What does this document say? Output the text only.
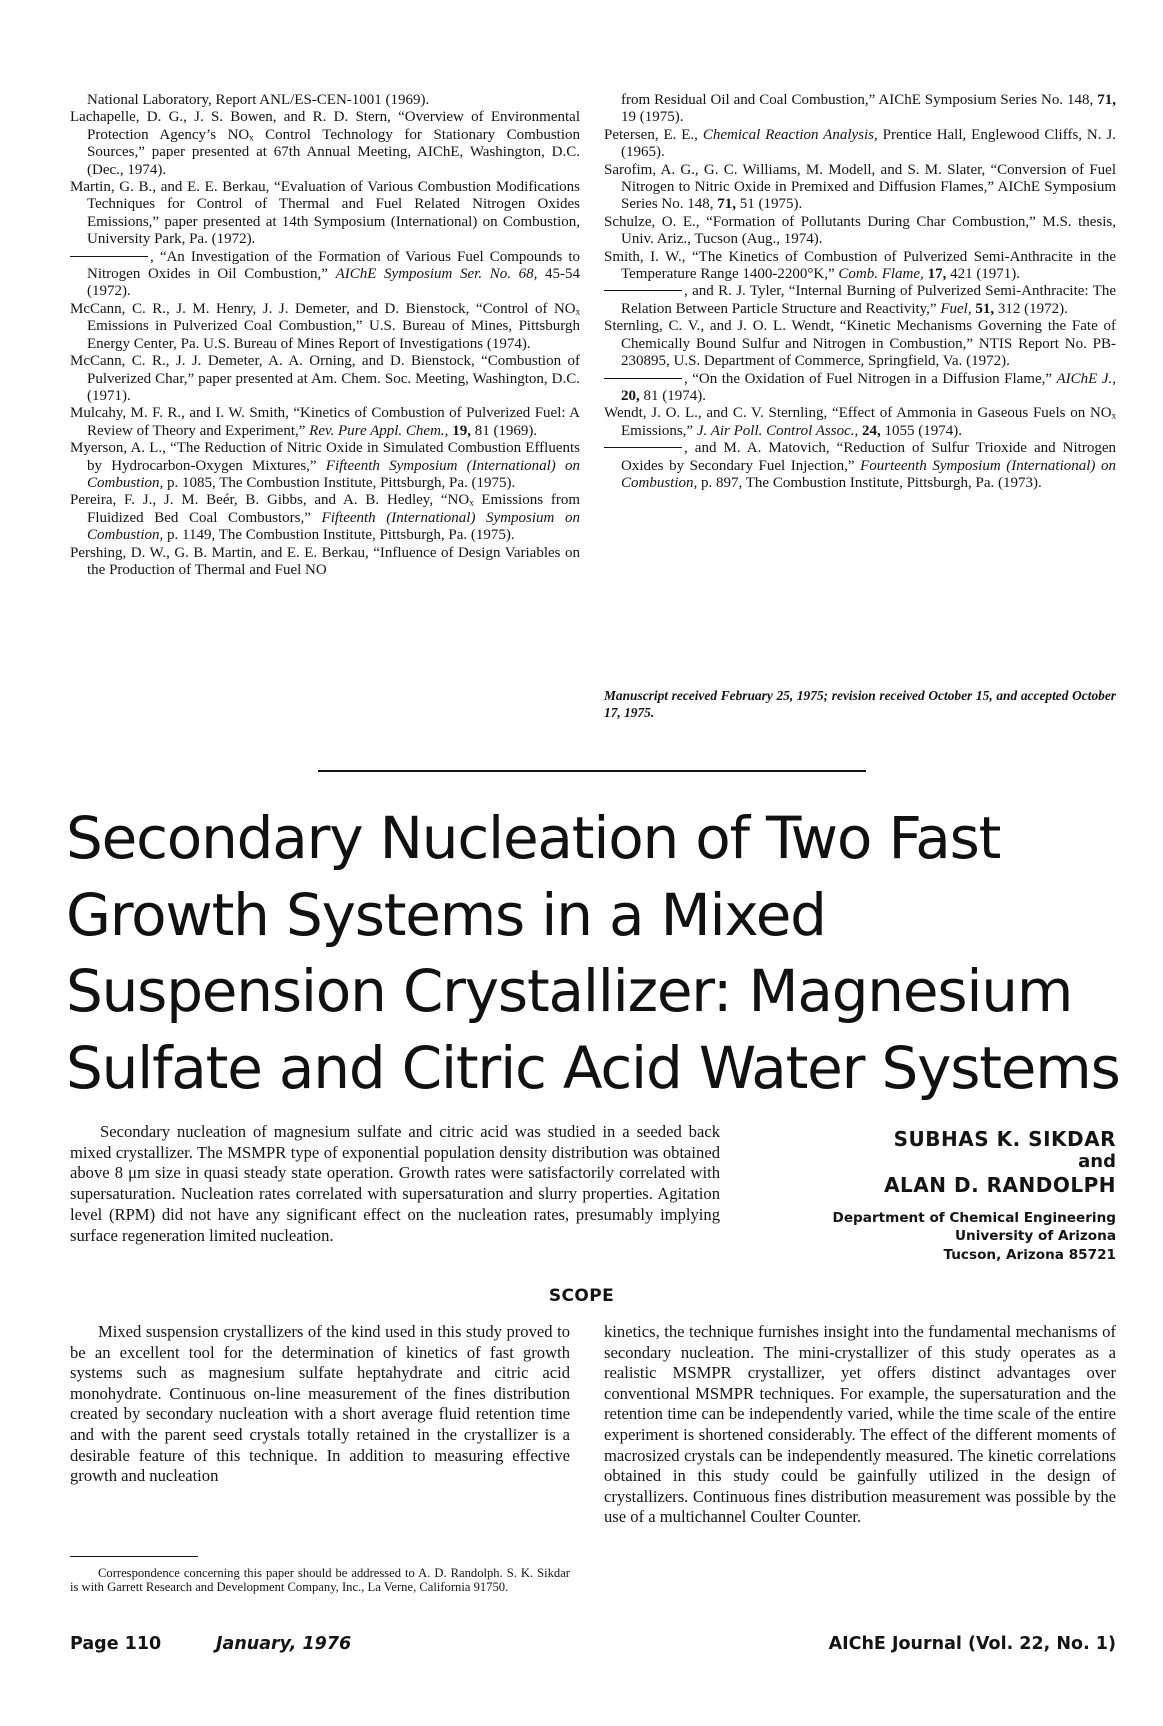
National Laboratory, Report ANL/ES-CEN-1001 (1969).

Lachapelle, D. G., J. S. Bowen, and R. D. Stern, “Overview of Environmental Protection Agency’s NOₓ Control Technology for Stationary Combustion Sources,” paper presented at 67th Annual Meeting, AIChE, Washington, D.C. (Dec., 1974).

Martin, G. B., and E. E. Berkau, “Evaluation of Various Combustion Modifications Techniques for Control of Thermal and Fuel Related Nitrogen Oxides Emissions,” paper presented at 14th Symposium (International) on Combustion, University Park, Pa. (1972).

, “An Investigation of the Formation of Various Fuel Compounds to Nitrogen Oxides in Oil Combustion,” AIChE Symposium Ser. No. 68, 45-54 (1972).

McCann, C. R., J. M. Henry, J. J. Demeter, and D. Bienstock, “Control of NOₓ Emissions in Pulverized Coal Combustion,” U.S. Bureau of Mines, Pittsburgh Energy Center, Pa. U.S. Bureau of Mines Report of Investigations (1974).

McCann, C. R., J. J. Demeter, A. A. Orning, and D. Bienstock, “Combustion of Pulverized Char,” paper presented at Am. Chem. Soc. Meeting, Washington, D.C. (1971).

Mulcahy, M. F. R., and I. W. Smith, “Kinetics of Combustion of Pulverized Fuel: A Review of Theory and Experiment,” Rev. Pure Appl. Chem., 19, 81 (1969).

Myerson, A. L., “The Reduction of Nitric Oxide in Simulated Combustion Effluents by Hydrocarbon-Oxygen Mixtures,” Fifteenth Symposium (International) on Combustion, p. 1085, The Combustion Institute, Pittsburgh, Pa. (1975).

Pereira, F. J., J. M. Beér, B. Gibbs, and A. B. Hedley, “NOₓ Emissions from Fluidized Bed Coal Combustors,” Fifteenth (International) Symposium on Combustion, p. 1149, The Combustion Institute, Pittsburgh, Pa. (1975).

Pershing, D. W., G. B. Martin, and E. E. Berkau, “Influence of Design Variables on the Production of Thermal and Fuel NO

from Residual Oil and Coal Combustion,” AIChE Symposium Series No. 148, 71, 19 (1975).

Petersen, E. E., Chemical Reaction Analysis, Prentice Hall, Englewood Cliffs, N. J. (1965).

Sarofim, A. G., G. C. Williams, M. Modell, and S. M. Slater, “Conversion of Fuel Nitrogen to Nitric Oxide in Premixed and Diffusion Flames,” AIChE Symposium Series No. 148, 71, 51 (1975).

Schulze, O. E., “Formation of Pollutants During Char Combustion,” M.S. thesis, Univ. Ariz., Tucson (Aug., 1974).

Smith, I. W., “The Kinetics of Combustion of Pulverized Semi-Anthracite in the Temperature Range 1400-2200°K,” Comb. Flame, 17, 421 (1971).

, and R. J. Tyler, “Internal Burning of Pulverized Semi-Anthracite: The Relation Between Particle Structure and Reactivity,” Fuel, 51, 312 (1972).

Sternling, C. V., and J. O. L. Wendt, “Kinetic Mechanisms Governing the Fate of Chemically Bound Sulfur and Nitrogen in Combustion,” NTIS Report No. PB-230895, U.S. Department of Commerce, Springfield, Va. (1972).

, “On the Oxidation of Fuel Nitrogen in a Diffusion Flame,” AIChE J., 20, 81 (1974).

Wendt, J. O. L., and C. V. Sternling, “Effect of Ammonia in Gaseous Fuels on NOₓ Emissions,” J. Air Poll. Control Assoc., 24, 1055 (1974).

, and M. A. Matovich, “Reduction of Sulfur Trioxide and Nitrogen Oxides by Secondary Fuel Injection,” Fourteenth Symposium (International) on Combustion, p. 897, The Combustion Institute, Pittsburgh, Pa. (1973).

Manuscript received February 25, 1975; revision received October 15, and accepted October 17, 1975.
Secondary Nucleation of Two Fast Growth Systems in a Mixed Suspension Crystallizer: Magnesium Sulfate and Citric Acid Water Systems

Secondary nucleation of magnesium sulfate and citric acid was studied in a seeded back mixed crystallizer. The MSMPR type of exponential population density distribution was obtained above 8 μm size in quasi steady state operation. Growth rates were satisfactorily correlated with supersaturation. Nucleation rates correlated with supersaturation and slurry properties. Agitation level (RPM) did not have any significant effect on the nucleation rates, presumably implying surface regeneration limited nucleation.

SUBHAS K. SIKDAR
and
ALAN D. RANDOLPH
Department of Chemical Engineering
University of Arizona
Tucson, Arizona 85721
SCOPE

Mixed suspension crystallizers of the kind used in this study proved to be an excellent tool for the determination of kinetics of fast growth systems such as magnesium sulfate heptahydrate and citric acid monohydrate. Continuous on-line measurement of the fines distribution created by secondary nucleation with a short average fluid retention time and with the parent seed crystals totally retained in the crystallizer is a desirable feature of this technique. In addition to measuring effective growth and nucleation

kinetics, the technique furnishes insight into the fundamental mechanisms of secondary nucleation. The mini-crystallizer of this study operates as a realistic MSMPR crystallizer, yet offers distinct advantages over conventional MSMPR techniques. For example, the supersaturation and the retention time can be independently varied, while the time scale of the entire experiment is shortened considerably. The effect of the different moments of macrosized crystals can be independently measured. The kinetic correlations obtained in this study could be gainfully utilized in the design of crystallizers. Continuous fines distribution measurement was possible by the use of a multichannel Coulter Counter.

Correspondence concerning this paper should be addressed to A. D. Randolph. S. K. Sikdar is with Garrett Research and Development Company, Inc., La Verne, California 91750.

Page 110	January, 1976	AIChE Journal (Vol. 22, No. 1)
